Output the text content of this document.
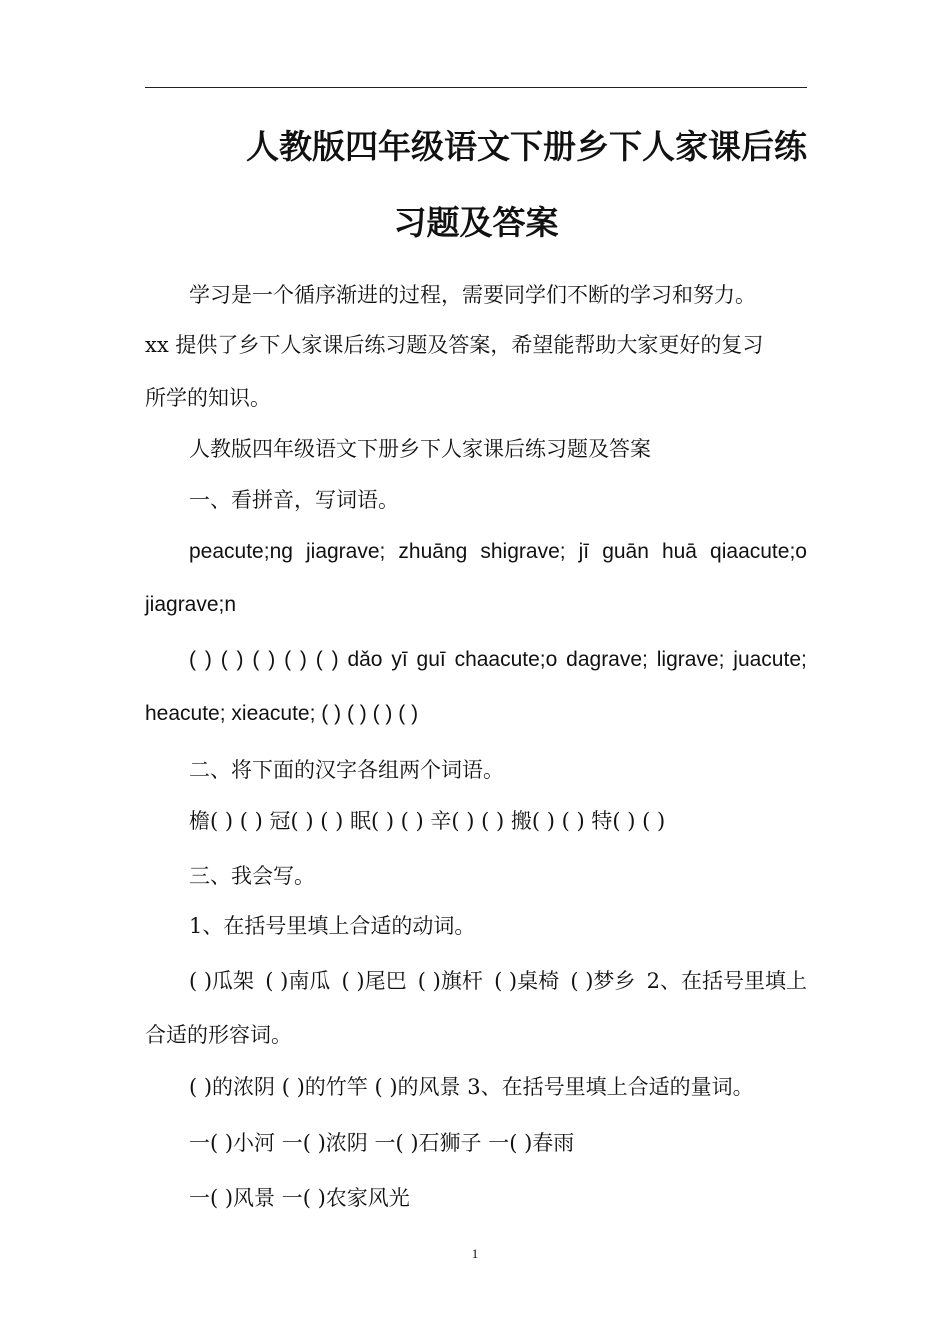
人教版四年级语文下册乡下人家课后练
习题及答案
学习是一个循序渐进的过程，需要同学们不断的学习和努力。
xx 提供了乡下人家课后练习题及答案，希望能帮助大家更好的复习
所学的知识。
人教版四年级语文下册乡下人家课后练习题及答案
一、看拼音，写词语。
peacute;ng jiagrave; zhuāng shigrave; jī guān huā qiaacute;o
jiagrave;n
( ) ( ) ( ) ( ) ( ) dǎo yī guī chaacute;o dagrave; ligrave; juacute;
heacute; xieacute; ( ) ( ) ( ) ( )
二、将下面的汉字各组两个词语。
檐( ) ( ) 冠( ) ( ) 眠( ) ( ) 辛( ) ( ) 搬( ) ( ) 特( ) ( )
三、我会写。
1、在括号里填上合适的动词。
( )瓜架 ( )南瓜 ( )尾巴 ( )旗杆 ( )桌椅 ( )梦乡 2、在括号里填上
合适的形容词。
( )的浓阴 ( )的竹竿 ( )的风景 3、在括号里填上合适的量词。
一( )小河 一( )浓阴 一( )石狮子 一( )春雨
一( )风景 一( )农家风光
1
